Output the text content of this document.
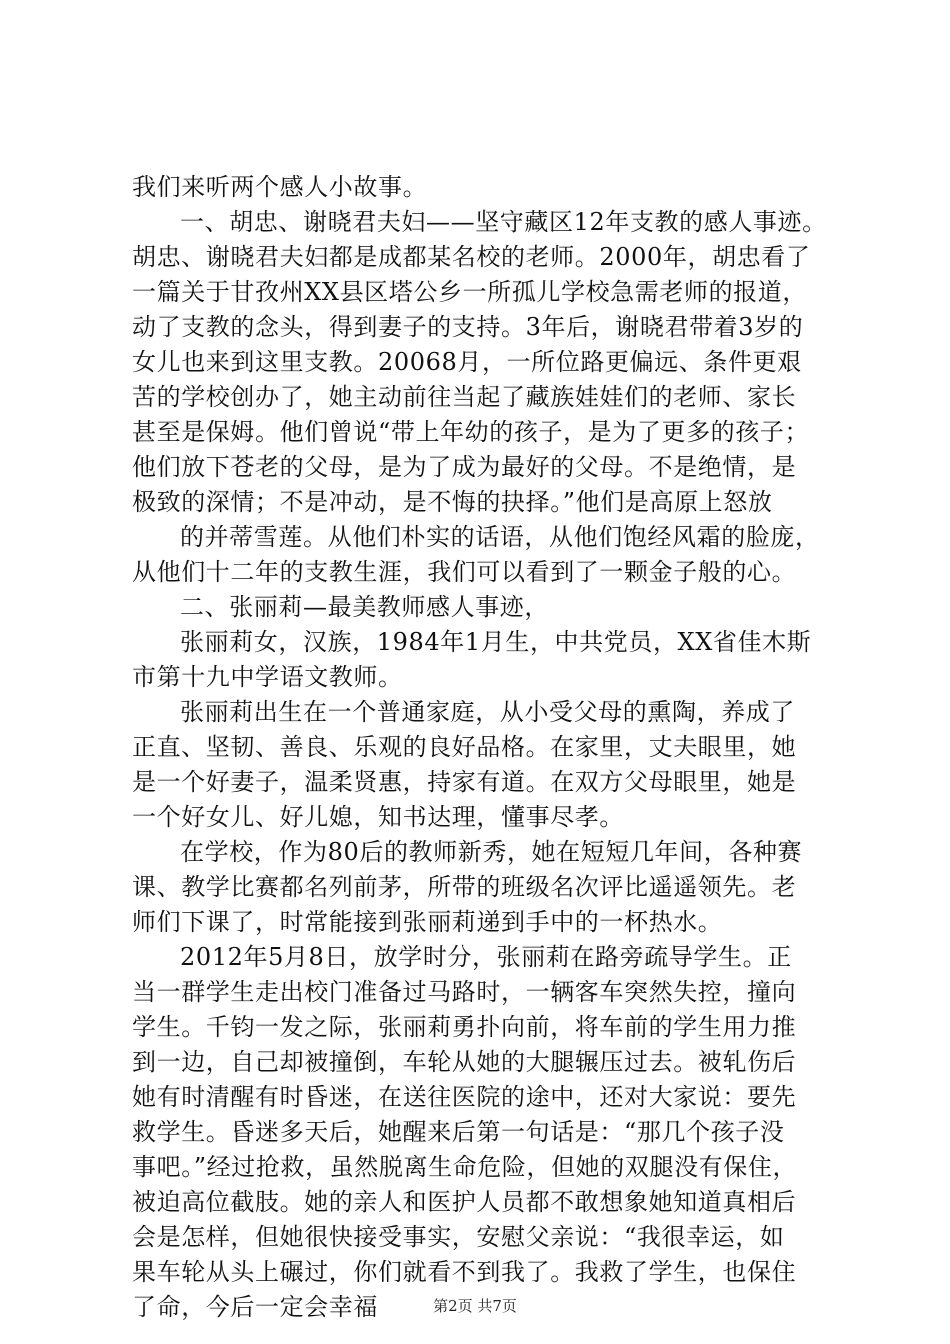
我们来听两个感人小故事。
一、胡忠、谢晓君夫妇——坚守藏区12年支教的感人事迹。
胡忠、谢晓君夫妇都是成都某名校的老师。2000年，胡忠看了
一篇关于甘孜州XX县区塔公乡一所孤儿学校急需老师的报道，
动了支教的念头，得到妻子的支持。3年后，谢晓君带着3岁的
女儿也来到这里支教。20068月，一所位路更偏远、条件更艰
苦的学校创办了，她主动前往当起了藏族娃娃们的老师、家长
甚至是保姆。他们曾说“带上年幼的孩子，是为了更多的孩子；
他们放下苍老的父母，是为了成为最好的父母。不是绝情，是
极致的深情；不是冲动，是不悔的抉择。”他们是高原上怒放
的并蒂雪莲。从他们朴实的话语，从他们饱经风霜的脸庞，
从他们十二年的支教生涯，我们可以看到了一颗金子般的心。
二、张丽莉—最美教师感人事迹，
张丽莉女，汉族，1984年1月生，中共党员，XX省佳木斯
市第十九中学语文教师。
张丽莉出生在一个普通家庭，从小受父母的熏陶，养成了
正直、坚韧、善良、乐观的良好品格。在家里，丈夫眼里，她
是一个好妻子，温柔贤惠，持家有道。在双方父母眼里，她是
一个好女儿、好儿媳，知书达理，懂事尽孝。
在学校，作为80后的教师新秀，她在短短几年间，各种赛
课、教学比赛都名列前茅，所带的班级名次评比遥遥领先。老
师们下课了，时常能接到张丽莉递到手中的一杯热水。
2012年5月8日，放学时分，张丽莉在路旁疏导学生。正
当一群学生走出校门准备过马路时，一辆客车突然失控，撞向
学生。千钧一发之际，张丽莉勇扑向前，将车前的学生用力推
到一边，自己却被撞倒，车轮从她的大腿辗压过去。被轧伤后
她有时清醒有时昏迷，在送往医院的途中，还对大家说：要先
救学生。昏迷多天后，她醒来后第一句话是：“那几个孩子没
事吧。”经过抢救，虽然脱离生命危险，但她的双腿没有保住，
被迫高位截肢。她的亲人和医护人员都不敢想象她知道真相后
会是怎样，但她很快接受事实，安慰父亲说：“我很幸运，如
果车轮从头上碾过，你们就看不到我了。我救了学生，也保住
了命，今后一定会幸福	第2页 共7页
